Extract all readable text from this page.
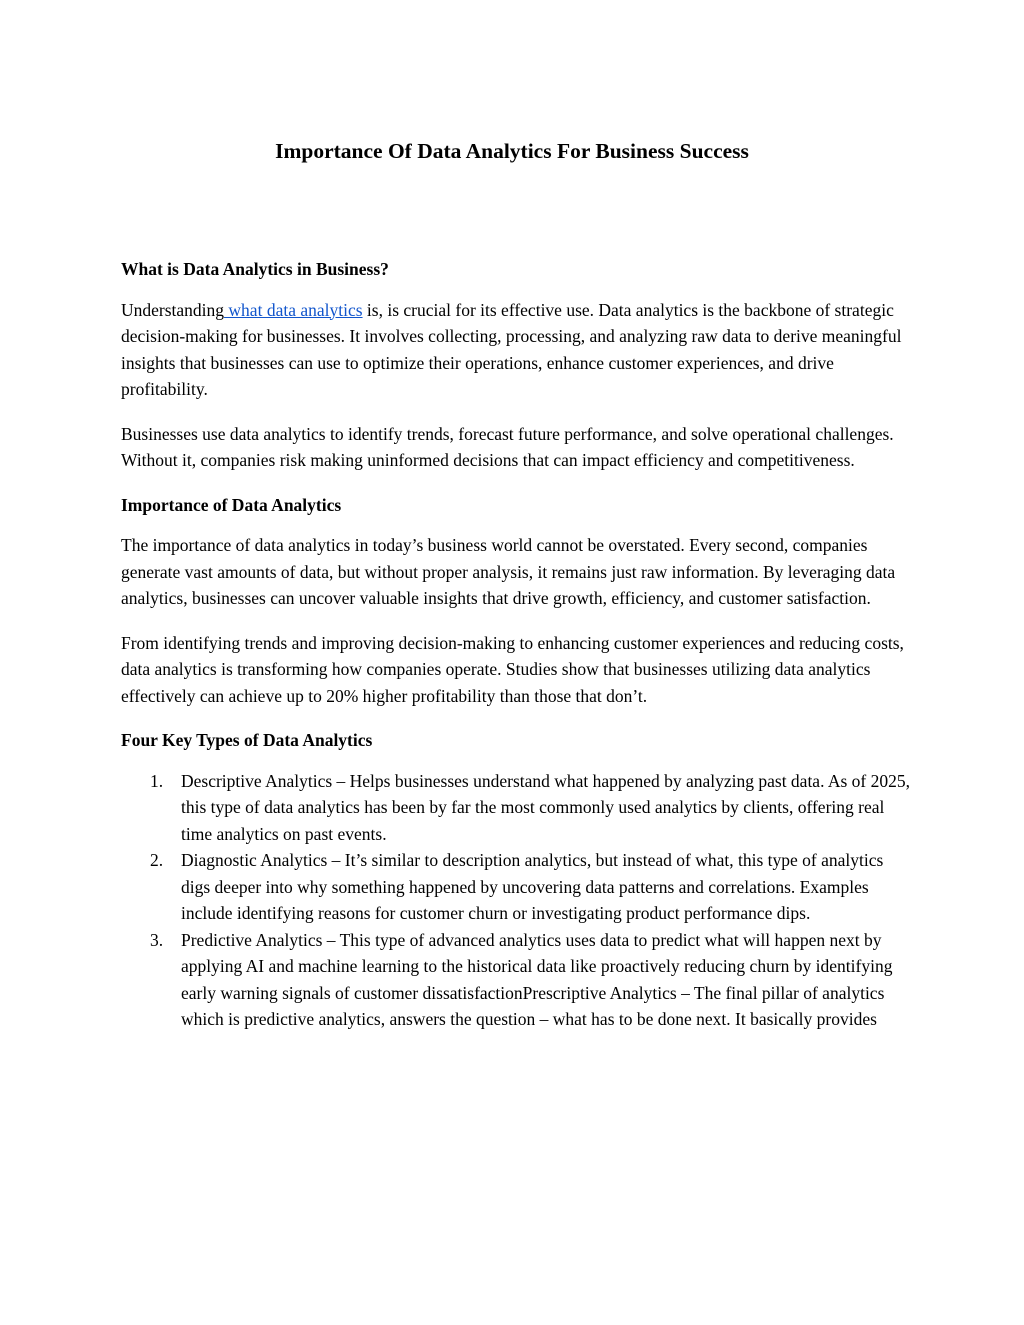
Importance Of Data Analytics For Business Success
What is Data Analytics in Business?

Understanding what data analytics is, is crucial for its effective use. Data analytics is the backbone of strategic decision-making for businesses. It involves collecting, processing, and analyzing raw data to derive meaningful insights that businesses can use to optimize their operations, enhance customer experiences, and drive profitability.

Businesses use data analytics to identify trends, forecast future performance, and solve operational challenges. Without it, companies risk making uninformed decisions that can impact efficiency and competitiveness.

Importance of Data Analytics

The importance of data analytics in today’s business world cannot be overstated. Every second, companies generate vast amounts of data, but without proper analysis, it remains just raw information. By leveraging data analytics, businesses can uncover valuable insights that drive growth, efficiency, and customer satisfaction.

From identifying trends and improving decision-making to enhancing customer experiences and reducing costs, data analytics is transforming how companies operate. Studies show that businesses utilizing data analytics effectively can achieve up to 20% higher profitability than those that don’t.

Four Key Types of Data Analytics
1. Descriptive Analytics – Helps businesses understand what happened by analyzing past data. As of 2025, this type of data analytics has been by far the most commonly used analytics by clients, offering real time analytics on past events.
2. Diagnostic Analytics – It’s similar to description analytics, but instead of what, this type of analytics digs deeper into why something happened by uncovering data patterns and correlations. Examples include identifying reasons for customer churn or investigating product performance dips.
3. Predictive Analytics – This type of advanced analytics uses data to predict what will happen next by applying AI and machine learning to the historical data like proactively reducing churn by identifying early warning signals of customer dissatisfactionPrescriptive Analytics – The final pillar of analytics which is predictive analytics, answers the question – what has to be done next. It basically provides
